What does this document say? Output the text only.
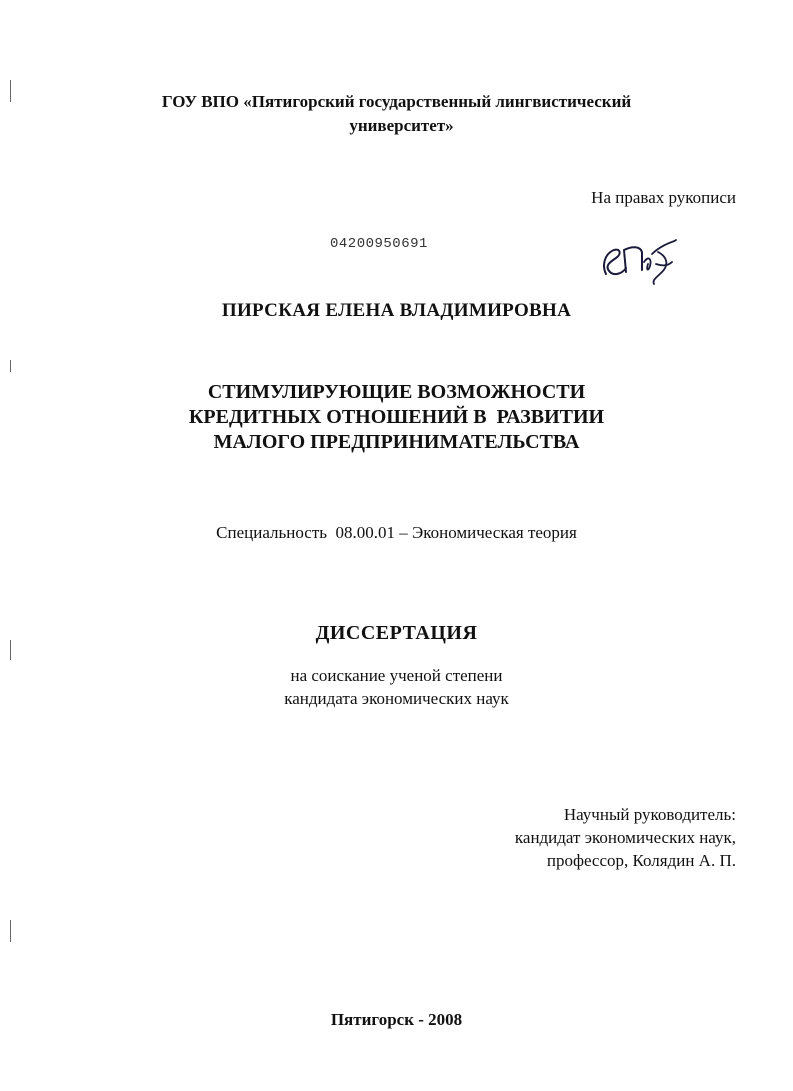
ГОУ ВПО «Пятигорский государственный лингвистический
университет»
На правах рукописи
04200950691
ПИРСКАЯ ЕЛЕНА ВЛАДИМИРОВНА
СТИМУЛИРУЮЩИЕ ВОЗМОЖНОСТИ
КРЕДИТНЫХ ОТНОШЕНИЙ В  РАЗВИТИИ
МАЛОГО ПРЕДПРИНИМАТЕЛЬСТВА
Специальность  08.00.01 – Экономическая теория
ДИССЕРТАЦИЯ
на соискание ученой степени
кандидата экономических наук
Научный руководитель:
кандидат экономических наук,
профессор, Колядин А. П.
Пятигорск - 2008
